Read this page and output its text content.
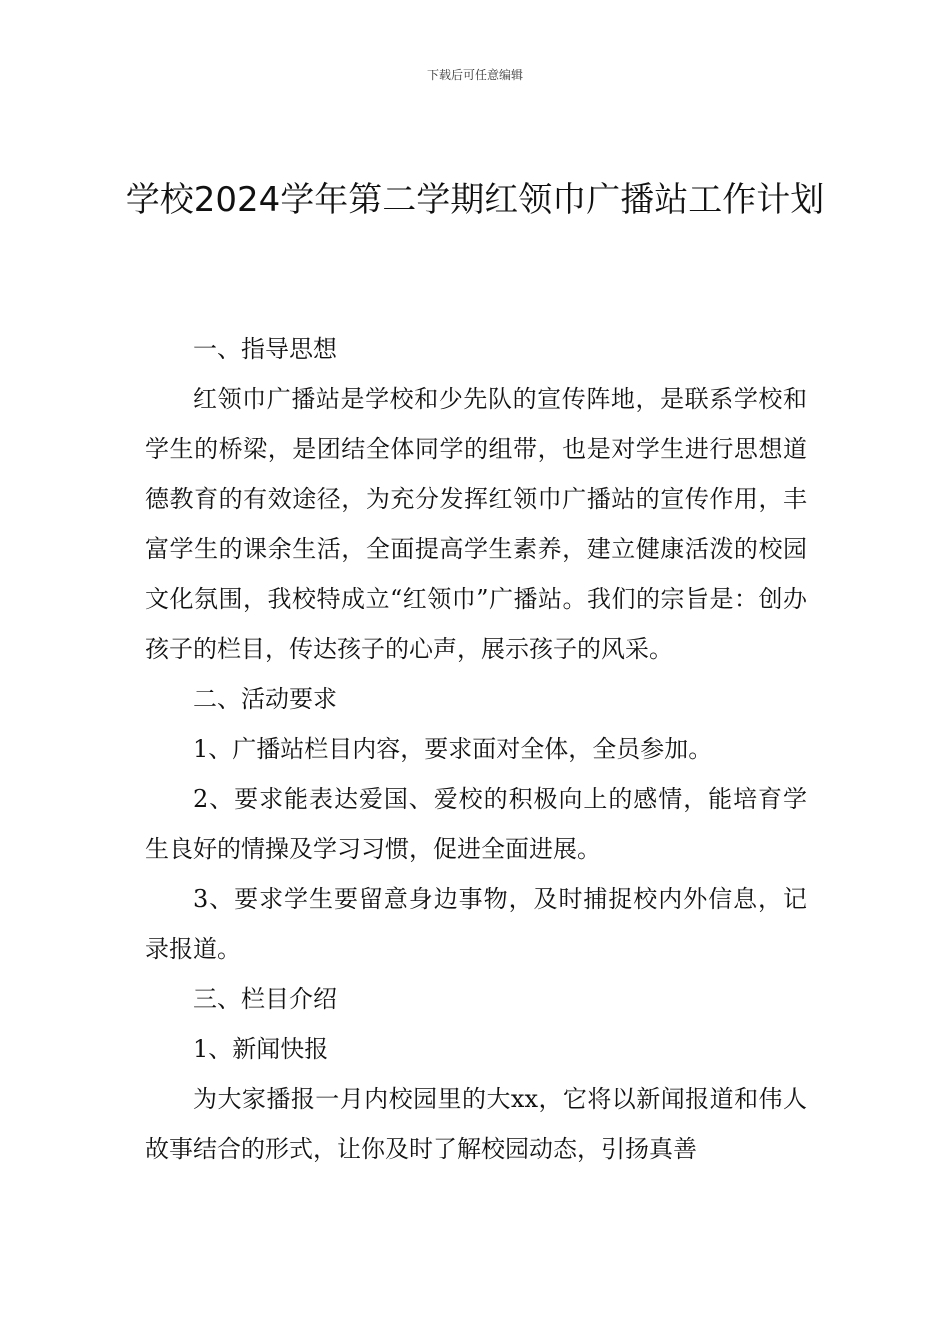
下载后可任意编辑
学校2024学年第二学期红领巾广播站工作计划

一、指导思想

红领巾广播站是学校和少先队的宣传阵地，是联系学校和学生的桥梁，是团结全体同学的组带，也是对学生进行思想道德教育的有效途径，为充分发挥红领巾广播站的宣传作用，丰富学生的课余生活，全面提高学生素养，建立健康活泼的校园文化氛围，我校特成立“红领巾”广播站。我们的宗旨是：创办孩子的栏目，传达孩子的心声，展示孩子的风采。

二、活动要求

1、广播站栏目内容，要求面对全体，全员参加。

2、要求能表达爱国、爱校的积极向上的感情，能培育学生良好的情操及学习习惯，促进全面进展。

3、要求学生要留意身边事物，及时捕捉校内外信息，记录报道。

三、栏目介绍

1、新闻快报

为大家播报一月内校园里的大xx，它将以新闻报道和伟人故事结合的形式，让你及时了解校园动态，引扬真善
